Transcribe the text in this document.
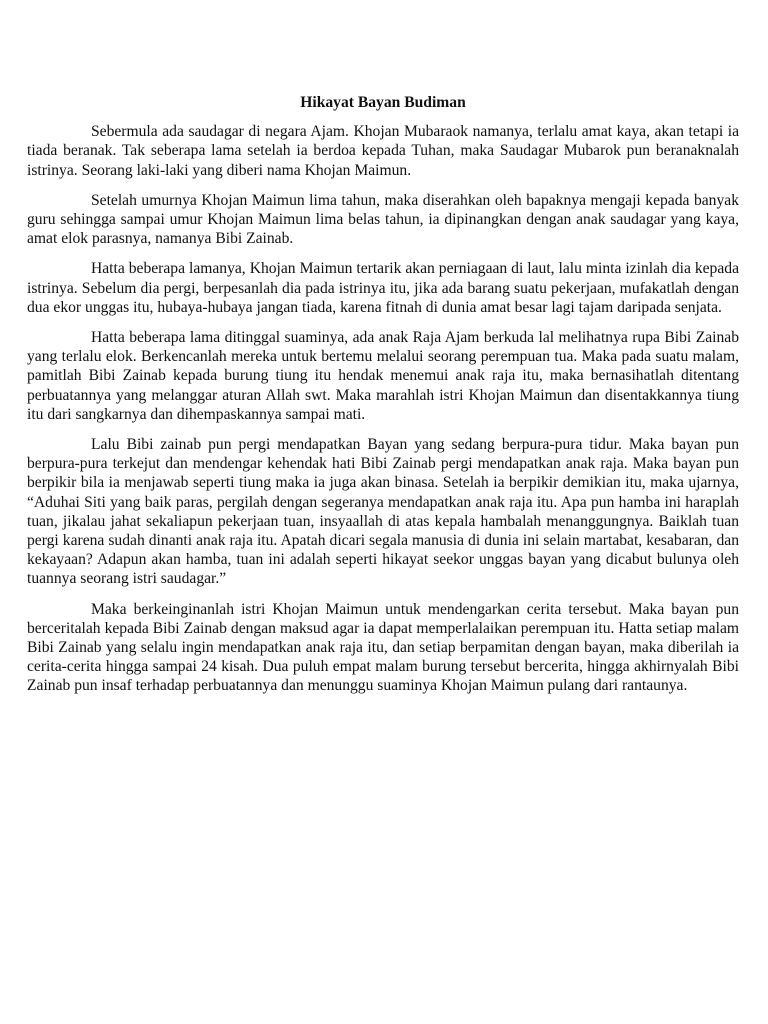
Hikayat Bayan Budiman

Sebermula ada saudagar di negara Ajam. Khojan Mubaraok namanya, terlalu amat kaya, akan tetapi ia tiada beranak. Tak seberapa lama setelah ia berdoa kepada Tuhan, maka Saudagar Mubarok pun beranaknalah istrinya. Seorang laki-laki yang diberi nama Khojan Maimun.

Setelah umurnya Khojan Maimun lima tahun, maka diserahkan oleh bapaknya mengaji kepada banyak guru sehingga sampai umur Khojan Maimun lima belas tahun, ia dipinangkan dengan anak saudagar yang kaya, amat elok parasnya, namanya Bibi Zainab.

Hatta beberapa lamanya, Khojan Maimun tertarik akan perniagaan di laut, lalu minta izinlah dia kepada istrinya. Sebelum dia pergi, berpesanlah dia pada istrinya itu, jika ada barang suatu pekerjaan, mufakatlah dengan dua ekor unggas itu, hubaya-hubaya jangan tiada, karena fitnah di dunia amat besar lagi tajam daripada senjata.

Hatta beberapa lama ditinggal suaminya, ada anak Raja Ajam berkuda lal melihatnya rupa Bibi Zainab yang terlalu elok. Berkencanlah mereka untuk bertemu melalui seorang perempuan tua. Maka pada suatu malam, pamitlah Bibi Zainab kepada burung tiung itu hendak menemui anak raja itu, maka bernasihatlah ditentang perbuatannya yang melanggar aturan Allah swt. Maka marahlah istri Khojan Maimun dan disentakkannya tiung itu dari sangkarnya dan dihempaskannya sampai mati.

Lalu Bibi zainab pun pergi mendapatkan Bayan yang sedang berpura-pura tidur. Maka bayan pun berpura-pura terkejut dan mendengar kehendak hati Bibi Zainab pergi mendapatkan anak raja. Maka bayan pun berpikir bila ia menjawab seperti tiung maka ia juga akan binasa. Setelah ia berpikir demikian itu, maka ujarnya, “Aduhai Siti yang baik paras, pergilah dengan segeranya mendapatkan anak raja itu. Apa pun hamba ini haraplah tuan, jikalau jahat sekaliapun pekerjaan tuan, insyaallah di atas kepala hambalah menanggungnya. Baiklah tuan pergi karena sudah dinanti anak raja itu. Apatah dicari segala manusia di dunia ini selain martabat, kesabaran, dan kekayaan? Adapun akan hamba, tuan ini adalah seperti hikayat seekor unggas bayan yang dicabut bulunya oleh tuannya seorang istri saudagar.”

Maka berkeinginanlah istri Khojan Maimun untuk mendengarkan cerita tersebut. Maka bayan pun berceritalah kepada Bibi Zainab dengan maksud agar ia dapat memperlalaikan perempuan itu. Hatta setiap malam Bibi Zainab yang selalu ingin mendapatkan anak raja itu, dan setiap berpamitan dengan bayan, maka diberilah ia cerita-cerita hingga sampai 24 kisah. Dua puluh empat malam burung tersebut bercerita, hingga akhirnyalah Bibi Zainab pun insaf terhadap perbuatannya dan menunggu suaminya Khojan Maimun pulang dari rantaunya.
